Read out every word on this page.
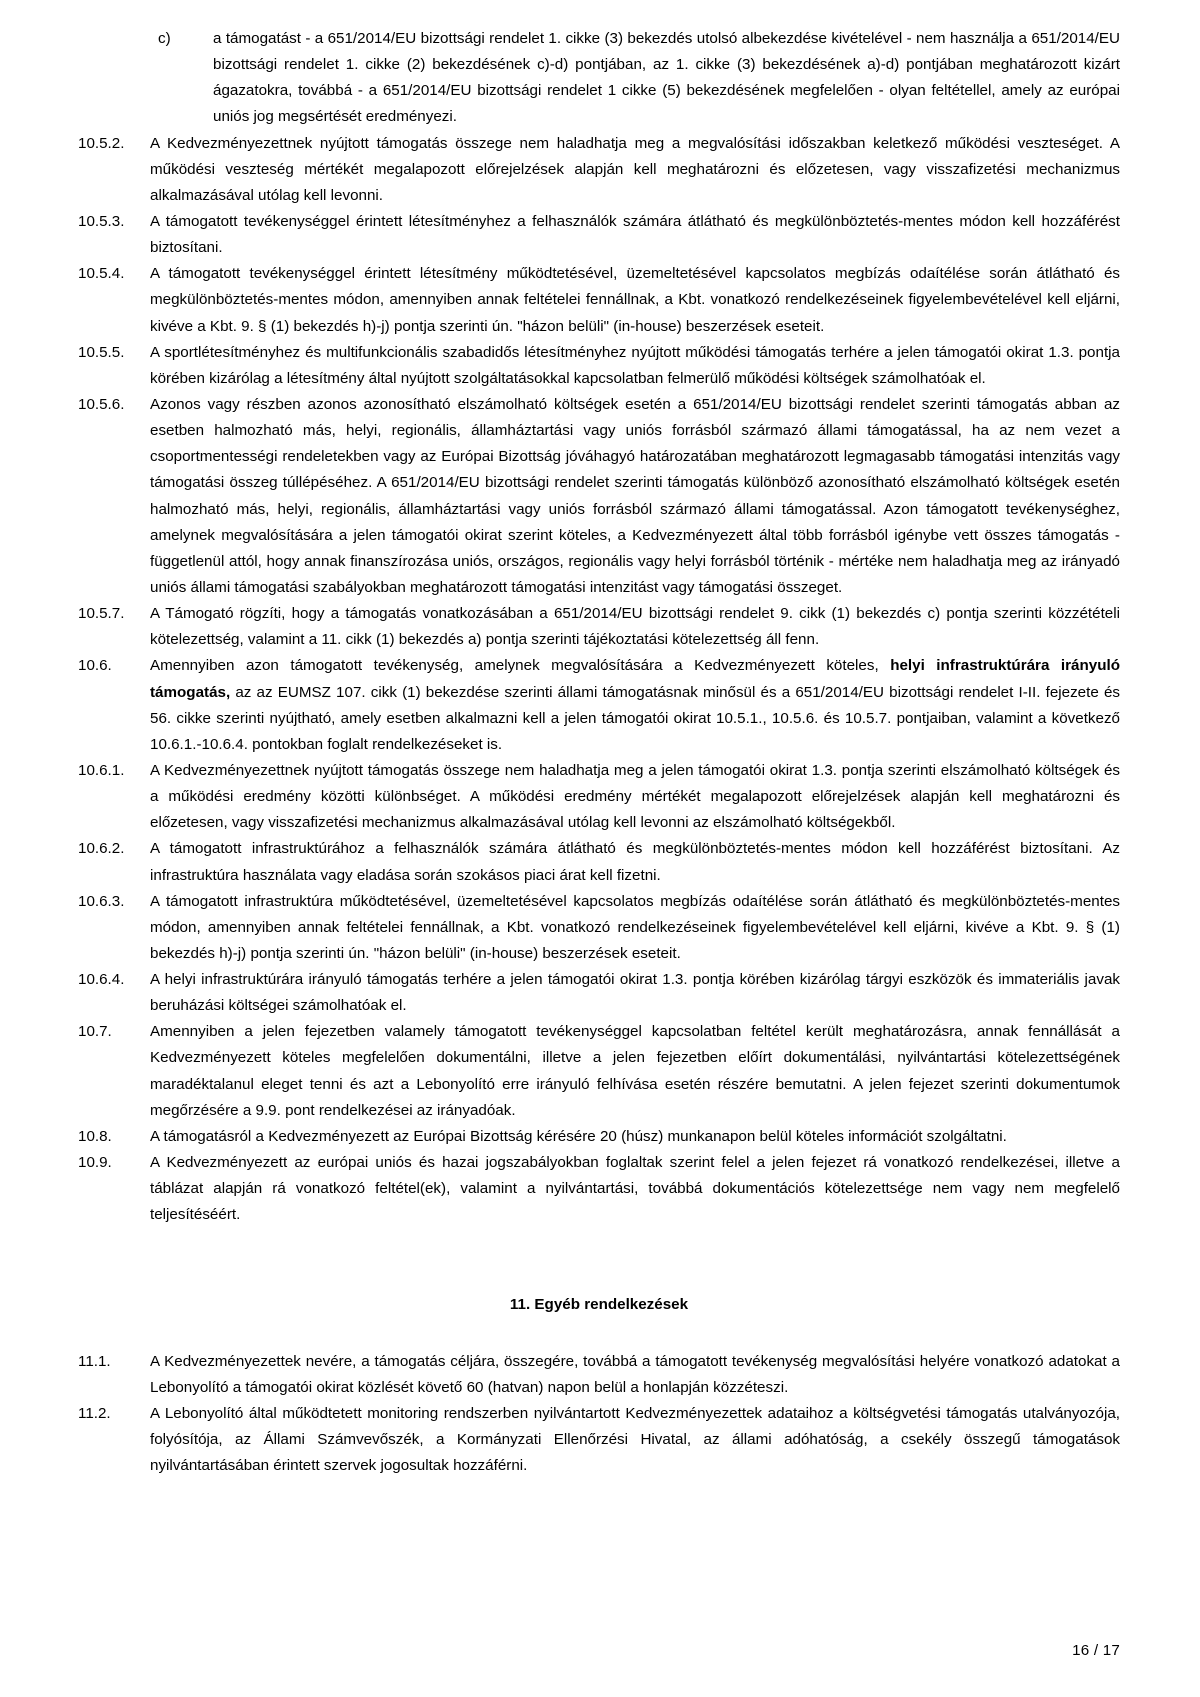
c)	a támogatást - a 651/2014/EU bizottsági rendelet 1. cikke (3) bekezdés utolsó albekezdése kivételével - nem használja a 651/2014/EU bizottsági rendelet 1. cikke (2) bekezdésének c)-d) pontjában, az 1. cikke (3) bekezdésének a)-d) pontjában meghatározott kizárt ágazatokra, továbbá - a 651/2014/EU bizottsági rendelet 1 cikke (5) bekezdésének megfelelően - olyan feltétellel, amely az európai uniós jog megsértését eredményezi.
10.5.2.	A Kedvezményezettnek nyújtott támogatás összege nem haladhatja meg a megvalósítási időszakban keletkező működési veszteséget. A működési veszteség mértékét megalapozott előrejelzések alapján kell meghatározni és előzetesen, vagy visszafizetési mechanizmus alkalmazásával utólag kell levonni.
10.5.3.	A támogatott tevékenységgel érintett létesítményhez a felhasználók számára átlátható és megkülönböztetés-mentes módon kell hozzáférést biztosítani.
10.5.4.	A támogatott tevékenységgel érintett létesítmény működtetésével, üzemeltetésével kapcsolatos megbízás odaítélése során átlátható és megkülönböztetés-mentes módon, amennyiben annak feltételei fennállnak, a Kbt. vonatkozó rendelkezéseinek figyelembevételével kell eljárni, kivéve a Kbt. 9. § (1) bekezdés h)-j) pontja szerinti ún. "házon belüli" (in-house) beszerzések eseteit.
10.5.5.	A sportlétesítményhez és multifunkcionális szabadidős létesítményhez nyújtott működési támogatás terhére a jelen támogatói okirat 1.3. pontja körében kizárólag a létesítmény által nyújtott szolgáltatásokkal kapcsolatban felmerülő működési költségek számolhatóak el.
10.5.6.	Azonos vagy részben azonos azonosítható elszámolható költségek esetén a 651/2014/EU bizottsági rendelet szerinti támogatás abban az esetben halmozható más, helyi, regionális, államháztartási vagy uniós forrásból származó állami támogatással, ha az nem vezet a csoportmentességi rendeletekben vagy az Európai Bizottság jóváhagyó határozatában meghatározott legmagasabb támogatási intenzitás vagy támogatási összeg túllépéséhez. A 651/2014/EU bizottsági rendelet szerinti támogatás különböző azonosítható elszámolható költségek esetén halmozható más, helyi, regionális, államháztartási vagy uniós forrásból származó állami támogatással. Azon támogatott tevékenységhez, amelynek megvalósítására a jelen támogatói okirat szerint köteles, a Kedvezményezett által több forrásból igénybe vett összes támogatás - függetlenül attól, hogy annak finanszírozása uniós, országos, regionális vagy helyi forrásból történik - mértéke nem haladhatja meg az irányadó uniós állami támogatási szabályokban meghatározott támogatási intenzitást vagy támogatási összeget.
10.5.7.	A Támogató rögzíti, hogy a támogatás vonatkozásában a 651/2014/EU bizottsági rendelet 9. cikk (1) bekezdés c) pontja szerinti közzétételi kötelezettség, valamint a 11. cikk (1) bekezdés a) pontja szerinti tájékoztatási kötelezettség áll fenn.
10.6.	Amennyiben azon támogatott tevékenység, amelynek megvalósítására a Kedvezményezett köteles, helyi infrastruktúrára irányuló támogatás, az az EUMSZ 107. cikk (1) bekezdése szerinti állami támogatásnak minősül és a 651/2014/EU bizottsági rendelet I-II. fejezete és 56. cikke szerinti nyújtható, amely esetben alkalmazni kell a jelen támogatói okirat 10.5.1., 10.5.6. és 10.5.7. pontjaiban, valamint a következő 10.6.1.-10.6.4. pontokban foglalt rendelkezéseket is.
10.6.1.	A Kedvezményezettnek nyújtott támogatás összege nem haladhatja meg a jelen támogatói okirat 1.3. pontja szerinti elszámolható költségek és a működési eredmény közötti különbséget. A működési eredmény mértékét megalapozott előrejelzések alapján kell meghatározni és előzetesen, vagy visszafizetési mechanizmus alkalmazásával utólag kell levonni az elszámolható költségekből.
10.6.2.	A támogatott infrastruktúrához a felhasználók számára átlátható és megkülönböztetés-mentes módon kell hozzáférést biztosítani. Az infrastruktúra használata vagy eladása során szokásos piaci árat kell fizetni.
10.6.3.	A támogatott infrastruktúra működtetésével, üzemeltetésével kapcsolatos megbízás odaítélése során átlátható és megkülönböztetés-mentes módon, amennyiben annak feltételei fennállnak, a Kbt. vonatkozó rendelkezéseinek figyelembevételével kell eljárni, kivéve a Kbt. 9. § (1) bekezdés h)-j) pontja szerinti ún. "házon belüli" (in-house) beszerzések eseteit.
10.6.4.	A helyi infrastruktúrára irányuló támogatás terhére a jelen támogatói okirat 1.3. pontja körében kizárólag tárgyi eszközök és immateriális javak beruházási költségei számolhatóak el.
10.7.	Amennyiben a jelen fejezetben valamely támogatott tevékenységgel kapcsolatban feltétel került meghatározásra, annak fennállását a Kedvezményezett köteles megfelelően dokumentálni, illetve a jelen fejezetben előírt dokumentálási, nyilvántartási kötelezettségének maradéktalanul eleget tenni és azt a Lebonyolító erre irányuló felhívása esetén részére bemutatni. A jelen fejezet szerinti dokumentumok megőrzésére a 9.9. pont rendelkezései az irányadóak.
10.8.	A támogatásról a Kedvezményezett az Európai Bizottság kérésére 20 (húsz) munkanapon belül köteles információt szolgáltatni.
10.9.	A Kedvezményezett az európai uniós és hazai jogszabályokban foglaltak szerint felel a jelen fejezet rá vonatkozó rendelkezései, illetve a táblázat alapján rá vonatkozó feltétel(ek), valamint a nyilvántartási, továbbá dokumentációs kötelezettsége nem vagy nem megfelelő teljesítéséért.
11. Egyéb rendelkezések
11.1.	A Kedvezményezettek nevére, a támogatás céljára, összegére, továbbá a támogatott tevékenység megvalósítási helyére vonatkozó adatokat a Lebonyolító a támogatói okirat közlését követő 60 (hatvan) napon belül a honlapján közzéteszi.
11.2.	A Lebonyolító által működtetett monitoring rendszerben nyilvántartott Kedvezményezettek adataihoz a költségvetési támogatás utalványozója, folyósítója, az Állami Számvevőszék, a Kormányzati Ellenőrzési Hivatal, az állami adóhatóság, a csekély összegű támogatások nyilvántartásában érintett szervek jogosultak hozzáférni.
16 / 17
